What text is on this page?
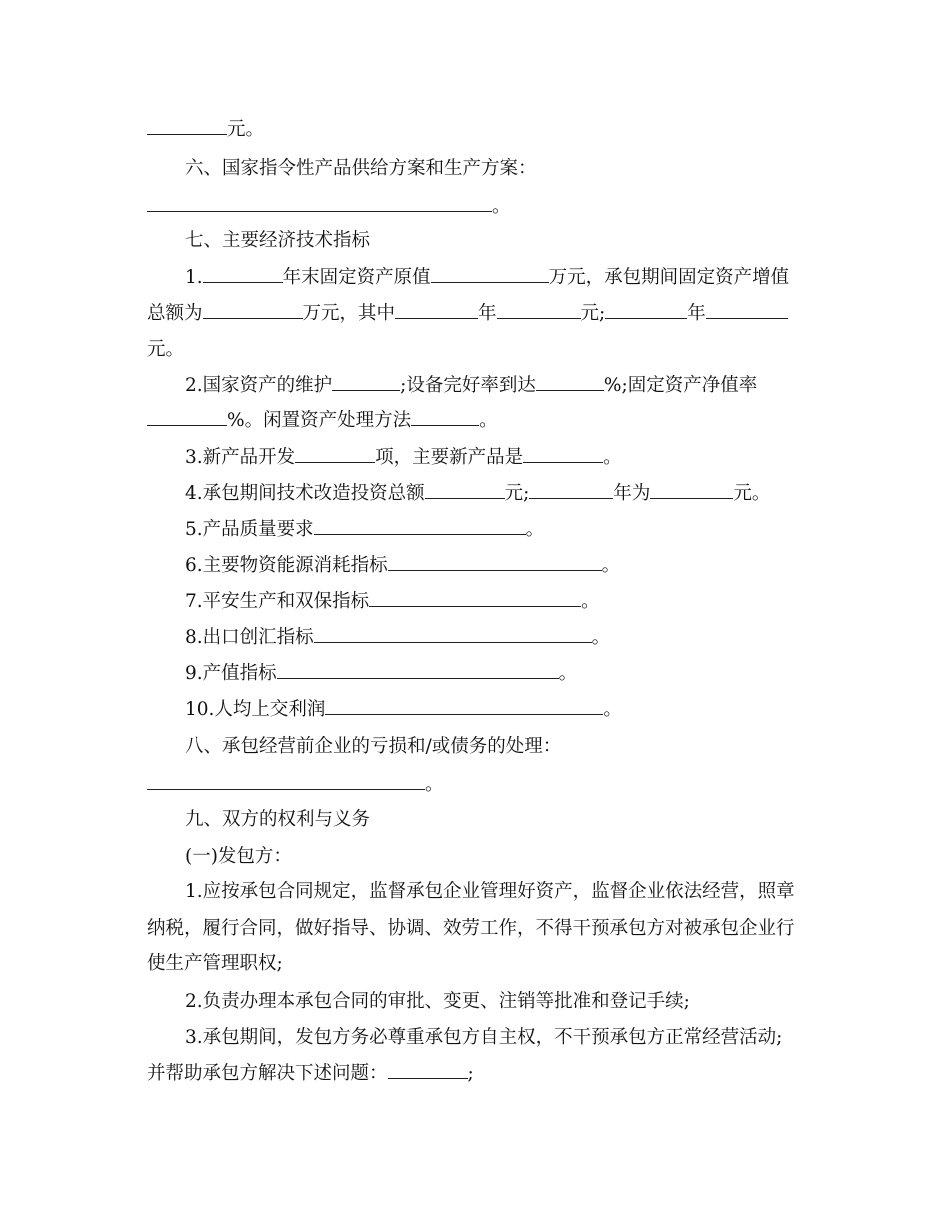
元。
六、国家指令性产品供给方案和生产方案：
。
七、主要经济技术指标
1.	年末固定资产原值	万元，承包期间固定资产增值
总额为	万元，其中	年	元;	年
元。
2.国家资产的维护	;设备完好率到达	%;固定资产净值率
%。闲置资产处理方法	。
3.新产品开发	项，主要新产品是	。
4.承包期间技术改造投资总额	元;	年为	元。
5.产品质量要求	。
6.主要物资能源消耗指标	。
7.平安生产和双保指标	。
8.出口创汇指标	。
9.产值指标	。
10.人均上交利润	。
八、承包经营前企业的亏损和/或债务的处理：
。
九、双方的权利与义务
(一)发包方：
1.应按承包合同规定，监督承包企业管理好资产，监督企业依法经营，照章
纳税，履行合同，做好指导、协调、效劳工作，不得干预承包方对被承包企业行
使生产管理职权;
2.负责办理本承包合同的审批、变更、注销等批准和登记手续;
3.承包期间，发包方务必尊重承包方自主权，不干预承包方正常经营活动;
并帮助承包方解决下述问题：	;
